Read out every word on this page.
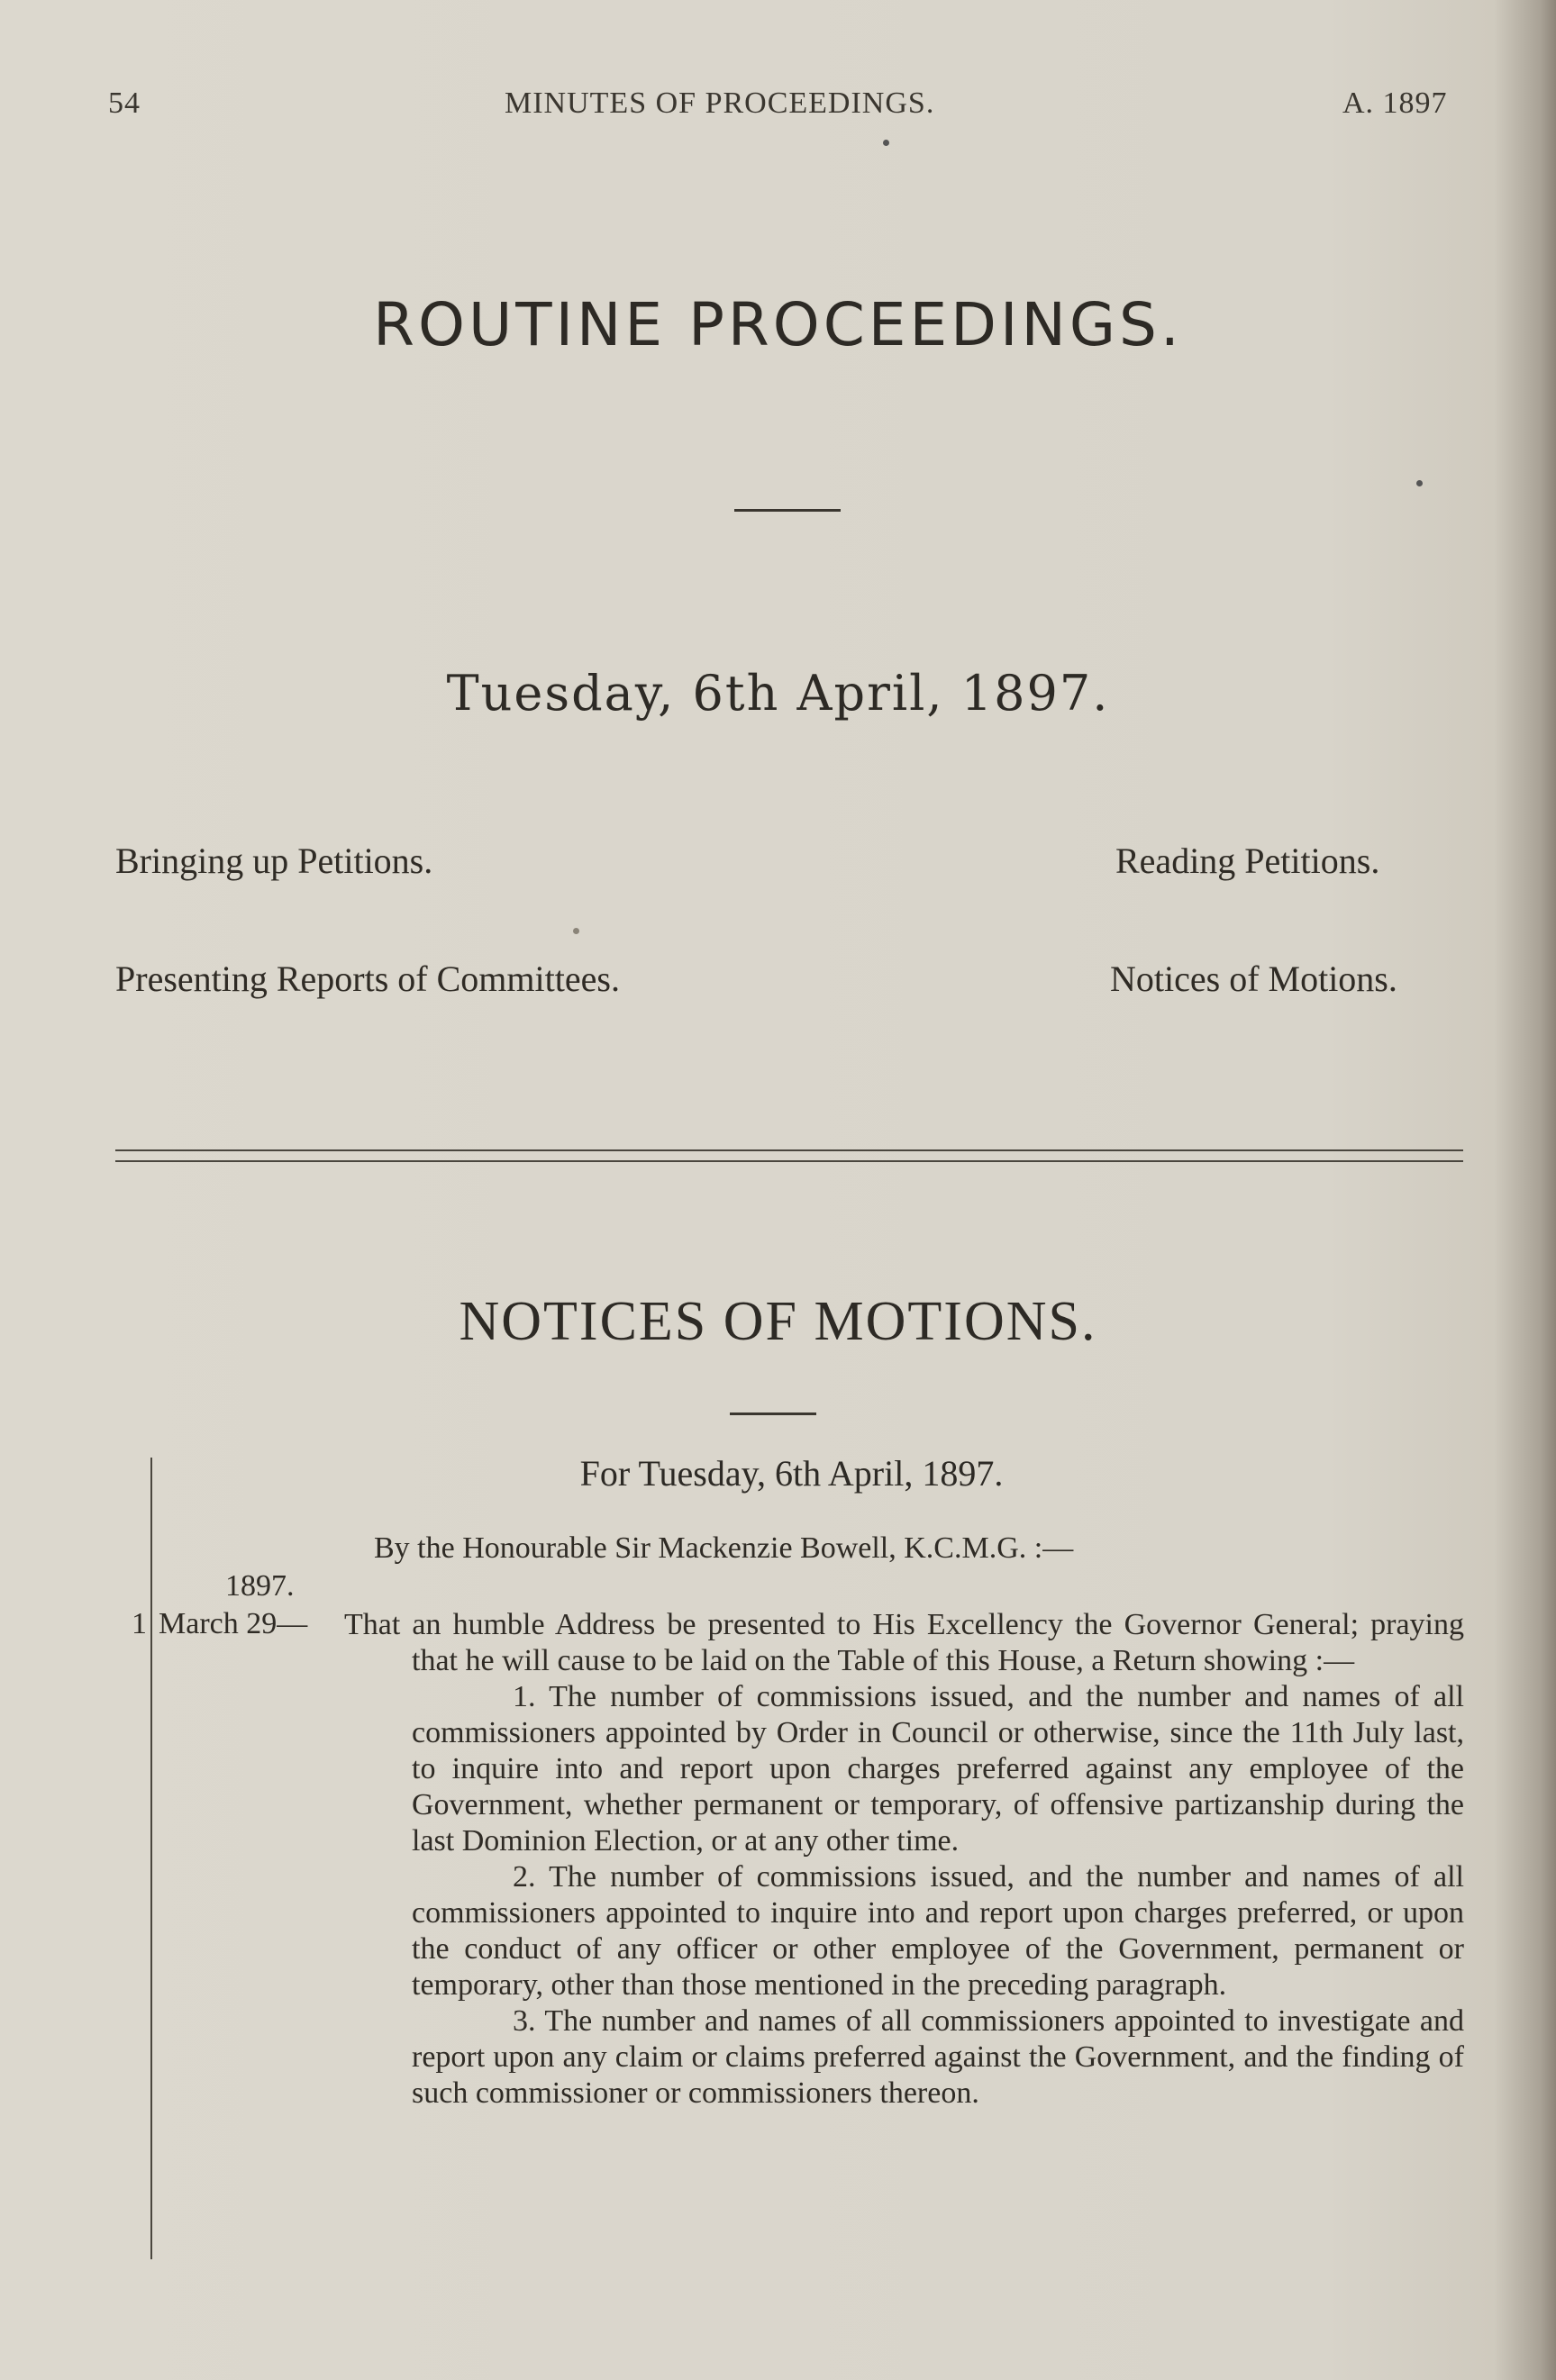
54	MINUTES OF PROCEEDINGS.	A. 1897
ROUTINE PROCEEDINGS.
Tuesday, 6th April, 1897.
Bringing up Petitions.	Reading Petitions.
Presenting Reports of Committees.	Notices of Motions.
NOTICES OF MOTIONS.
For Tuesday, 6th April, 1897.
By the Honourable Sir Mackenzie Bowell, K.C.M.G. :—
1897.
1 March 29— That an humble Address be presented to His Excellency the Governor General; praying that he will cause to be laid on the Table of this House, a Return showing :—

1. The number of commissions issued, and the number and names of all commissioners appointed by Order in Council or otherwise, since the 11th July last, to inquire into and report upon charges preferred against any employee of the Government, whether permanent or temporary, of offensive partizanship during the last Dominion Election, or at any other time.

2. The number of commissions issued, and the number and names of all commissioners appointed to inquire into and report upon charges preferred, or upon the conduct of any officer or other employee of the Government, permanent or temporary, other than those mentioned in the preceding paragraph.

3. The number and names of all commissioners appointed to investigate and report upon any claim or claims preferred against the Government, and the finding of such commissioner or commissioners thereon.
